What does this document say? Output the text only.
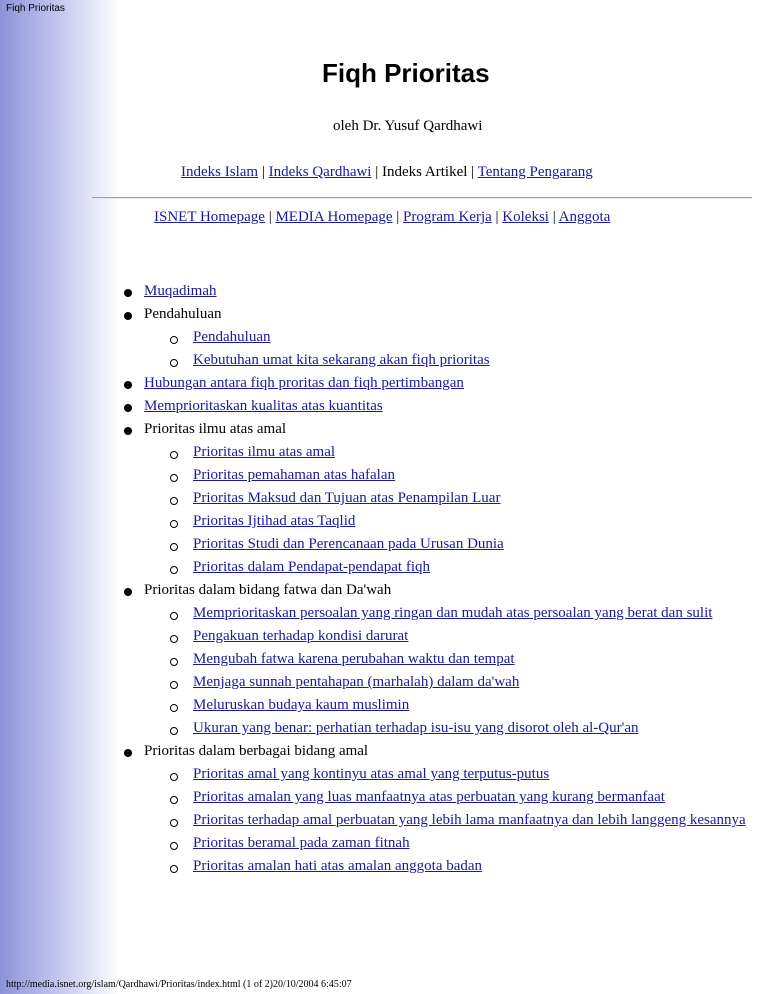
Fiqh Prioritas
Fiqh Prioritas
oleh Dr. Yusuf Qardhawi
Indeks Islam | Indeks Qardhawi | Indeks Artikel | Tentang Pengarang
ISNET Homepage | MEDIA Homepage | Program Kerja | Koleksi | Anggota
Muqadimah
Pendahuluan
Pendahuluan
Kebutuhan umat kita sekarang akan fiqh prioritas
Hubungan antara fiqh proritas dan fiqh pertimbangan
Memprioritaskan kualitas atas kuantitas
Prioritas ilmu atas amal
Prioritas ilmu atas amal
Prioritas pemahaman atas hafalan
Prioritas Maksud dan Tujuan atas Penampilan Luar
Prioritas Ijtihad atas Taqlid
Prioritas Studi dan Perencanaan pada Urusan Dunia
Prioritas dalam Pendapat-pendapat fiqh
Prioritas dalam bidang fatwa dan Da'wah
Memprioritaskan persoalan yang ringan dan mudah atas persoalan yang berat dan sulit
Pengakuan terhadap kondisi darurat
Mengubah fatwa karena perubahan waktu dan tempat
Menjaga sunnah pentahapan (marhalah) dalam da'wah
Meluruskan budaya kaum muslimin
Ukuran yang benar: perhatian terhadap isu-isu yang disorot oleh al-Qur'an
Prioritas dalam berbagai bidang amal
Prioritas amal yang kontinyu atas amal yang terputus-putus
Prioritas amalan yang luas manfaatnya atas perbuatan yang kurang bermanfaat
Prioritas terhadap amal perbuatan yang lebih lama manfaatnya dan lebih langgeng kesannya
Prioritas beramal pada zaman fitnah
Prioritas amalan hati atas amalan anggota badan
http://media.isnet.org/islam/Qardhawi/Prioritas/index.html (1 of 2)20/10/2004 6:45:07
